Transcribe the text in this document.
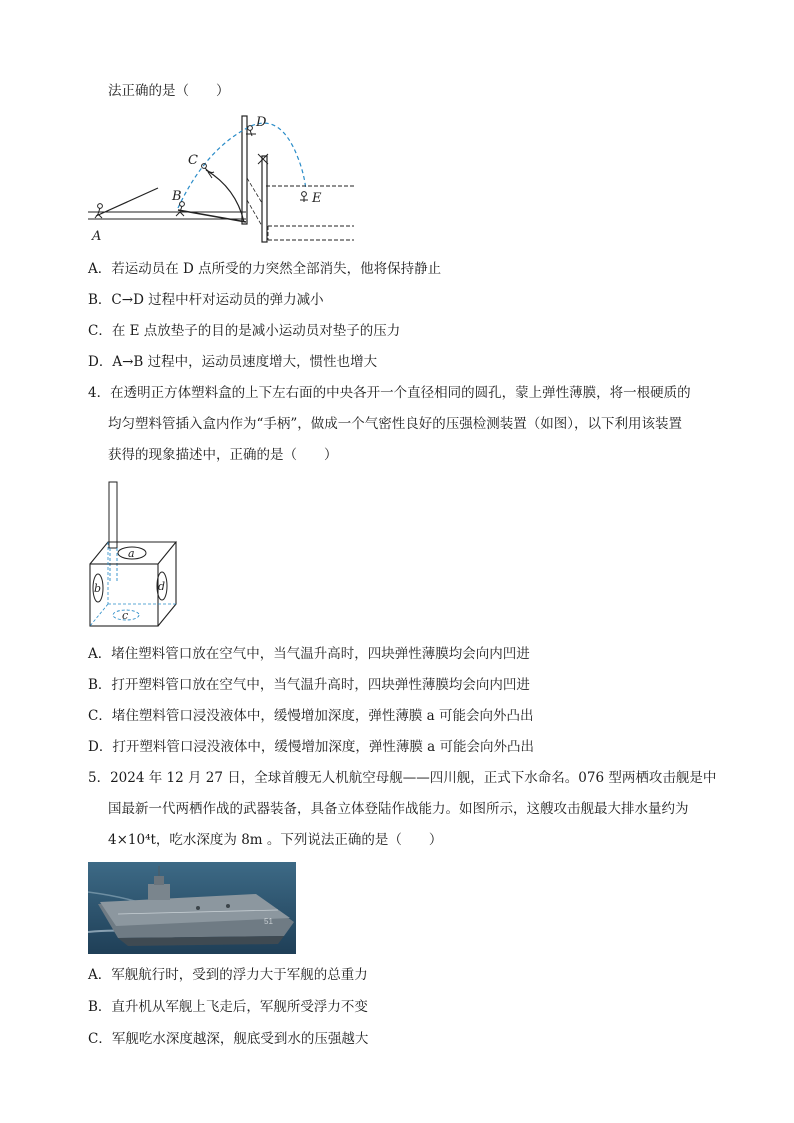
法正确的是（　　）
A
B
C
D
E
A．若运动员在 D 点所受的力突然全部消失，他将保持静止
B．C→D 过程中杆对运动员的弹力减小
C．在 E 点放垫子的目的是减小运动员对垫子的压力
D．A→B 过程中，运动员速度增大，惯性也增大
4．在透明正方体塑料盒的上下左右面的中央各开一个直径相同的圆孔，蒙上弹性薄膜，将一根硬质的
均匀塑料管插入盒内作为“手柄”，做成一个气密性良好的压强检测装置（如图），以下利用该装置
获得的现象描述中，正确的是（　　）
a
b
c
d
A．堵住塑料管口放在空气中，当气温升高时，四块弹性薄膜均会向内凹进
B．打开塑料管口放在空气中，当气温升高时，四块弹性薄膜均会向内凹进
C．堵住塑料管口浸没液体中，缓慢增加深度，弹性薄膜 a 可能会向外凸出
D．打开塑料管口浸没液体中，缓慢增加深度，弹性薄膜 a 可能会向外凸出
5．2024 年 12 月 27 日，全球首艘无人机航空母舰——四川舰，正式下水命名。076 型两栖攻击舰是中
国最新一代两栖作战的武器装备，具备立体登陆作战能力。如图所示，这艘攻击舰最大排水量约为
4×10⁴t，吃水深度为 8m 。下列说法正确的是（　　）
51
A．军舰航行时，受到的浮力大于军舰的总重力
B．直升机从军舰上飞走后，军舰所受浮力不变
C．军舰吃水深度越深，舰底受到水的压强越大
